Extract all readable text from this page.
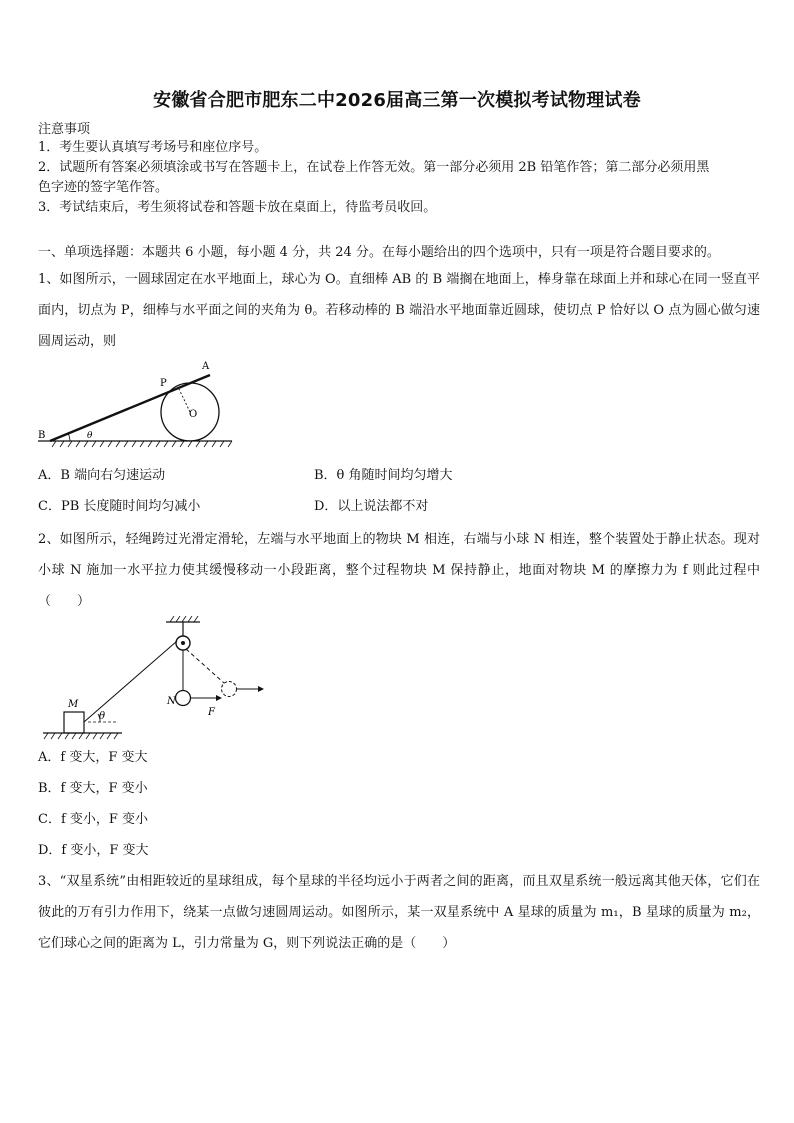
安徽省合肥市肥东二中2026届高三第一次模拟考试物理试卷
注意事项
1．考生要认真填写考场号和座位序号。
2．试题所有答案必须填涂或书写在答题卡上，在试卷上作答无效。第一部分必须用 2B 铅笔作答；第二部分必须用黑
色字迹的签字笔作答。
3．考试结束后，考生须将试卷和答题卡放在桌面上，待监考员收回。
一、单项选择题：本题共 6 小题，每小题 4 分，共 24 分。在每小题给出的四个选项中，只有一项是符合题目要求的。
1、如图所示，一圆球固定在水平地面上，球心为 O。直细棒 AB 的 B 端搁在地面上，棒身靠在球面上并和球心在同一竖直平面内，切点为 P，细棒与水平面之间的夹角为 θ。若移动棒的 B 端沿水平地面靠近圆球，使切点 P 恰好以 O 点为圆心做匀速圆周运动，则
B
A
P
O
θ
A．B 端向右匀速运动	B．θ 角随时间均匀增大
C．PB 长度随时间均匀减小	D．以上说法都不对
2、如图所示，轻绳跨过光滑定滑轮，左端与水平地面上的物块 M 相连，右端与小球 N 相连，整个装置处于静止状态。现对小球 N 施加一水平拉力使其缓慢移动一小段距离，整个过程物块 M 保持静止，地面对物块 M 的摩擦力为 f 则此过程中（　　）
M	N
F
θ
A．f 变大，F 变大
B．f 变大，F 变小
C．f 变小，F 变小
D．f 变小，F 变大
3、“双星系统”由相距较近的星球组成，每个星球的半径均远小于两者之间的距离，而且双星系统一般远离其他天体，它们在彼此的万有引力作用下，绕某一点做匀速圆周运动。如图所示，某一双星系统中 A 星球的质量为 m₁，B 星球的质量为 m₂，它们球心之间的距离为 L，引力常量为 G，则下列说法正确的是（　　）
